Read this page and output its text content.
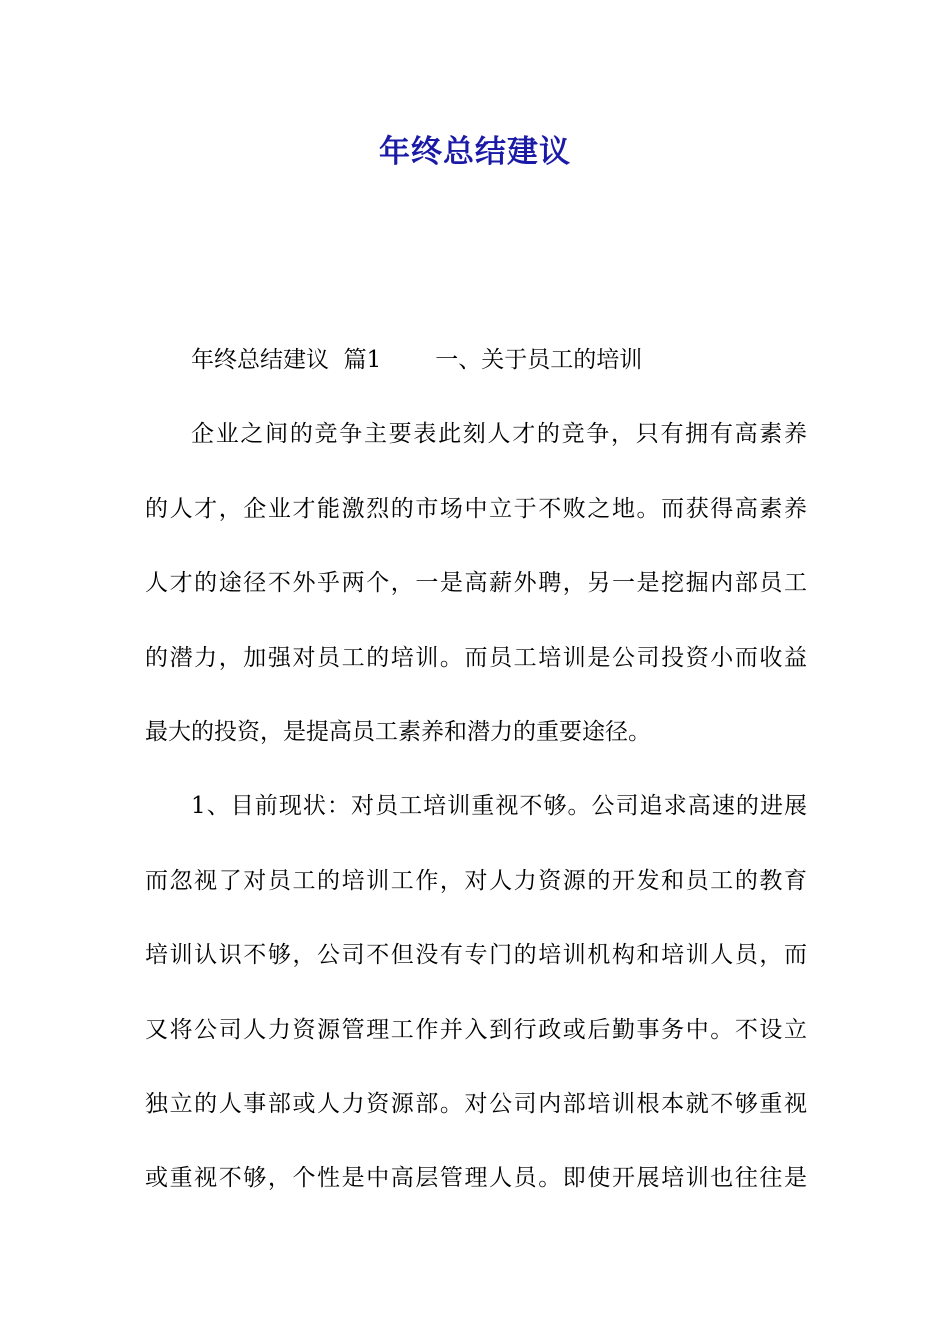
年终总结建议
年终总结建议  篇1 一、关于员工的培训
企业之间的竞争主要表此刻人才的竞争，只有拥有高素养
的人才，企业才能激烈的市场中立于不败之地。而获得高素养
人才的途径不外乎两个，一是高薪外聘，另一是挖掘内部员工
的潜力，加强对员工的培训。而员工培训是公司投资小而收益
最大的投资，是提高员工素养和潜力的重要途径。
1、目前现状：对员工培训重视不够。公司追求高速的进展
而忽视了对员工的培训工作，对人力资源的开发和员工的教育
培训认识不够，公司不但没有专门的培训机构和培训人员，而
又将公司人力资源管理工作并入到行政或后勤事务中。不设立
独立的人事部或人力资源部。对公司内部培训根本就不够重视
或重视不够，个性是中高层管理人员。即使开展培训也往往是
